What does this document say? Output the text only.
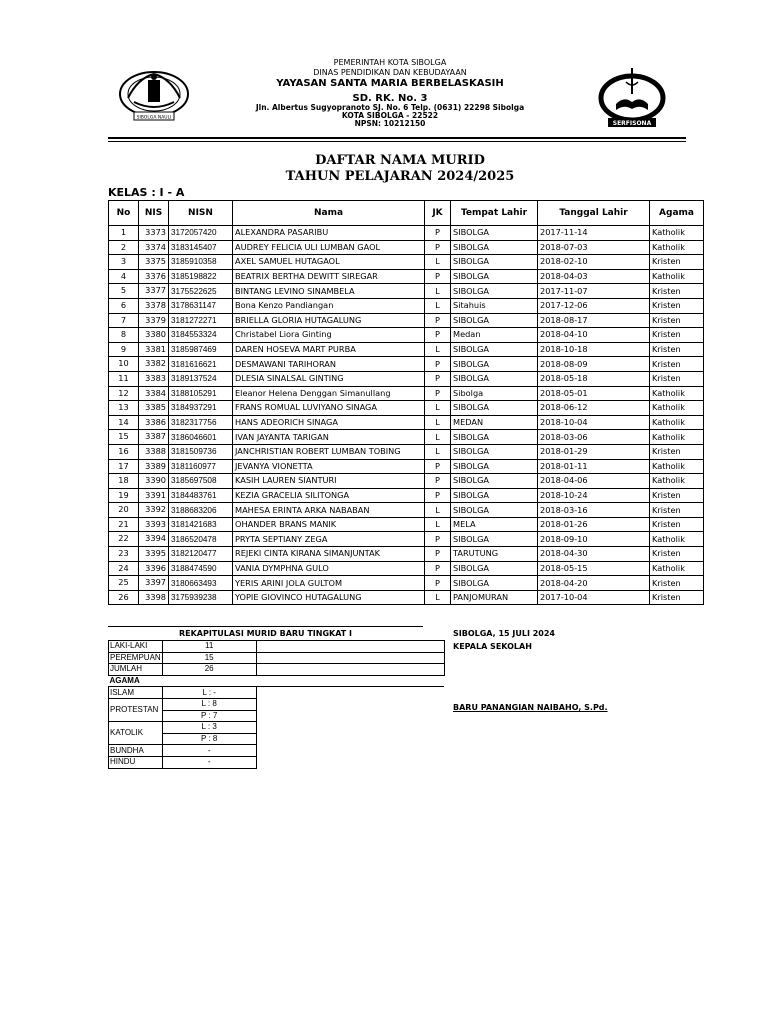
SIBOLGA NAULI
PEMERINTAH KOTA SIBOLGA
DINAS PENDIDIKAN DAN KEBUDAYAAN
YAYASAN SANTA MARIA BERBELASKASIH
SD. RK. No. 3
Jln. Albertus Sugyopranoto SJ. No. 6 Telp. (0631) 22298 Sibolga
KOTA SIBOLGA - 22522
NPSN: 10212150	SERFISONA
DAFTAR NAMA MURID
TAHUN PELAJARAN 2024/2025
KELAS : I - A
No	NIS	NISN	Nama	JK	Tempat Lahir	Tanggal Lahir	Agama
1	3373	3172057420	ALEXANDRA PASARIBU	P	SIBOLGA	2017-11-14	Katholik
2	3374	3183145407	AUDREY FELICIA ULI LUMBAN GAOL	P	SIBOLGA	2018-07-03	Katholik
3	3375	3185910358	AXEL SAMUEL HUTAGAOL	L	SIBOLGA	2018-02-10	Kristen
4	3376	3185198822	BEATRIX BERTHA DEWITT SIREGAR	P	SIBOLGA	2018-04-03	Katholik
5	3377	3175522625	BINTANG LEVINO SINAMBELA	L	SIBOLGA	2017-11-07	Kristen
6	3378	3178631147	Bona Kenzo Pandiangan	L	Sitahuis	2017-12-06	Kristen
7	3379	3181272271	BRIELLA GLORIA HUTAGALUNG	P	SIBOLGA	2018-08-17	Kristen
8	3380	3184553324	Christabel Liora Ginting	P	Medan	2018-04-10	Kristen
9	3381	3185987469	DAREN HOSEVA MART PURBA	L	SIBOLGA	2018-10-18	Kristen
10	3382	3181616621	DESMAWANI TARIHORAN	P	SIBOLGA	2018-08-09	Kristen
11	3383	3189137524	DLESIA SINALSAL GINTING	P	SIBOLGA	2018-05-18	Kristen
12	3384	3188105291	Eleanor Helena Denggan Simanullang	P	Sibolga	2018-05-01	Katholik
13	3385	3184937291	FRANS ROMUAL LUVIYANO SINAGA	L	SIBOLGA	2018-06-12	Katholik
14	3386	3182317756	HANS ADEORICH SINAGA	L	MEDAN	2018-10-04	Katholik
15	3387	3186046601	IVAN JAYANTA TARIGAN	L	SIBOLGA	2018-03-06	Katholik
16	3388	3181509736	JANCHRISTIAN ROBERT LUMBAN TOBING	L	SIBOLGA	2018-01-29	Kristen
17	3389	3181160977	JEVANYA VIONETTA	P	SIBOLGA	2018-01-11	Katholik
18	3390	3185697508	KASIH LAUREN SIANTURI	P	SIBOLGA	2018-04-06	Katholik
19	3391	3184483761	KEZIA GRACELIA SILITONGA	P	SIBOLGA	2018-10-24	Kristen
20	3392	3188683206	MAHESA ERINTA ARKA NABABAN	L	SIBOLGA	2018-03-16	Kristen
21	3393	3181421683	OHANDER BRANS MANIK	L	MELA	2018-01-26	Kristen
22	3394	3186520478	PRYTA SEPTIANY ZEGA	P	SIBOLGA	2018-09-10	Katholik
23	3395	3182120477	REJEKI CINTA KIRANA SIMANJUNTAK	P	TARUTUNG	2018-04-30	Kristen
24	3396	3188474590	VANIA DYMPHNA GULO	P	SIBOLGA	2018-05-15	Katholik
25	3397	3180663493	YERIS ARINI JOLA GULTOM	P	SIBOLGA	2018-04-20	Kristen
26	3398	3175939238	YOPIE GIOVINCO HUTAGALUNG	L	PANJOMURAN	2017-10-04	Kristen
REKAPITULASI MURID BARU TINGKAT I
LAKI-LAKI	11	
PEREMPUAN	15	
JUMLAH	26	
AGAMA		
ISLAM	L : -	
PROTESTAN	L : 8	
	P : 7	
KATOLIK	L : 3	
	P : 8	
BUNDHA	-	
HINDU	-	
SIBOLGA, 15 JULI 2024
KEPALA SEKOLAH
BARU PANANGIAN NAIBAHO, S.Pd.
